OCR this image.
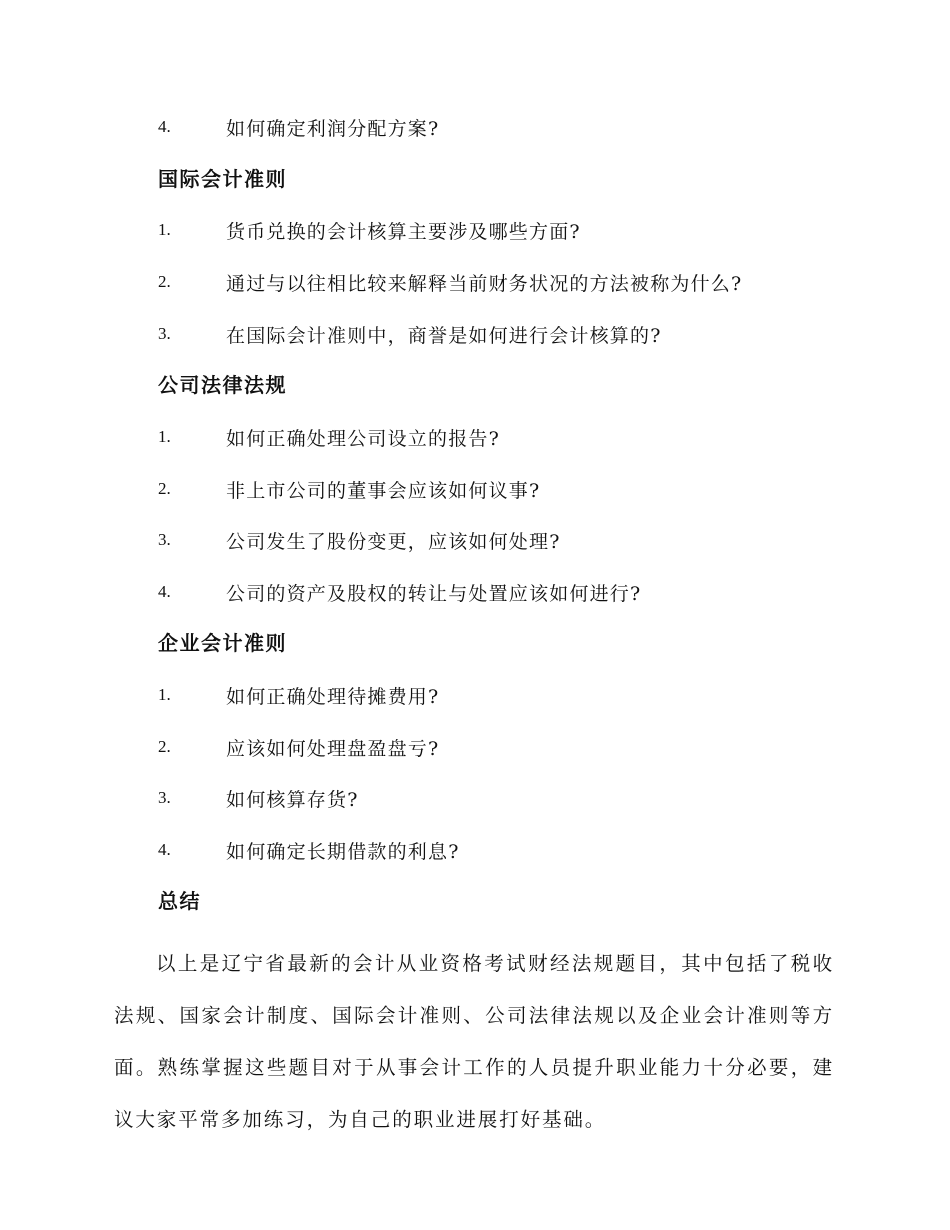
4.	如何确定利润分配方案?
国际会计准则
1.	货币兑换的会计核算主要涉及哪些方面?
2.	通过与以往相比较来解释当前财务状况的方法被称为什么?
3.	在国际会计准则中，商誉是如何进行会计核算的?
公司法律法规
1.	如何正确处理公司设立的报告?
2.	非上市公司的董事会应该如何议事?
3.	公司发生了股份变更，应该如何处理?
4.	公司的资产及股权的转让与处置应该如何进行?
企业会计准则
1.	如何正确处理待摊费用?
2.	应该如何处理盘盈盘亏?
3.	如何核算存货?
4.	如何确定长期借款的利息?
总结

以上是辽宁省最新的会计从业资格考试财经法规题目，其中包括了税收法规、国家会计制度、国际会计准则、公司法律法规以及企业会计准则等方面。熟练掌握这些题目对于从事会计工作的人员提升职业能力十分必要，建议大家平常多加练习，为自己的职业进展打好基础。
